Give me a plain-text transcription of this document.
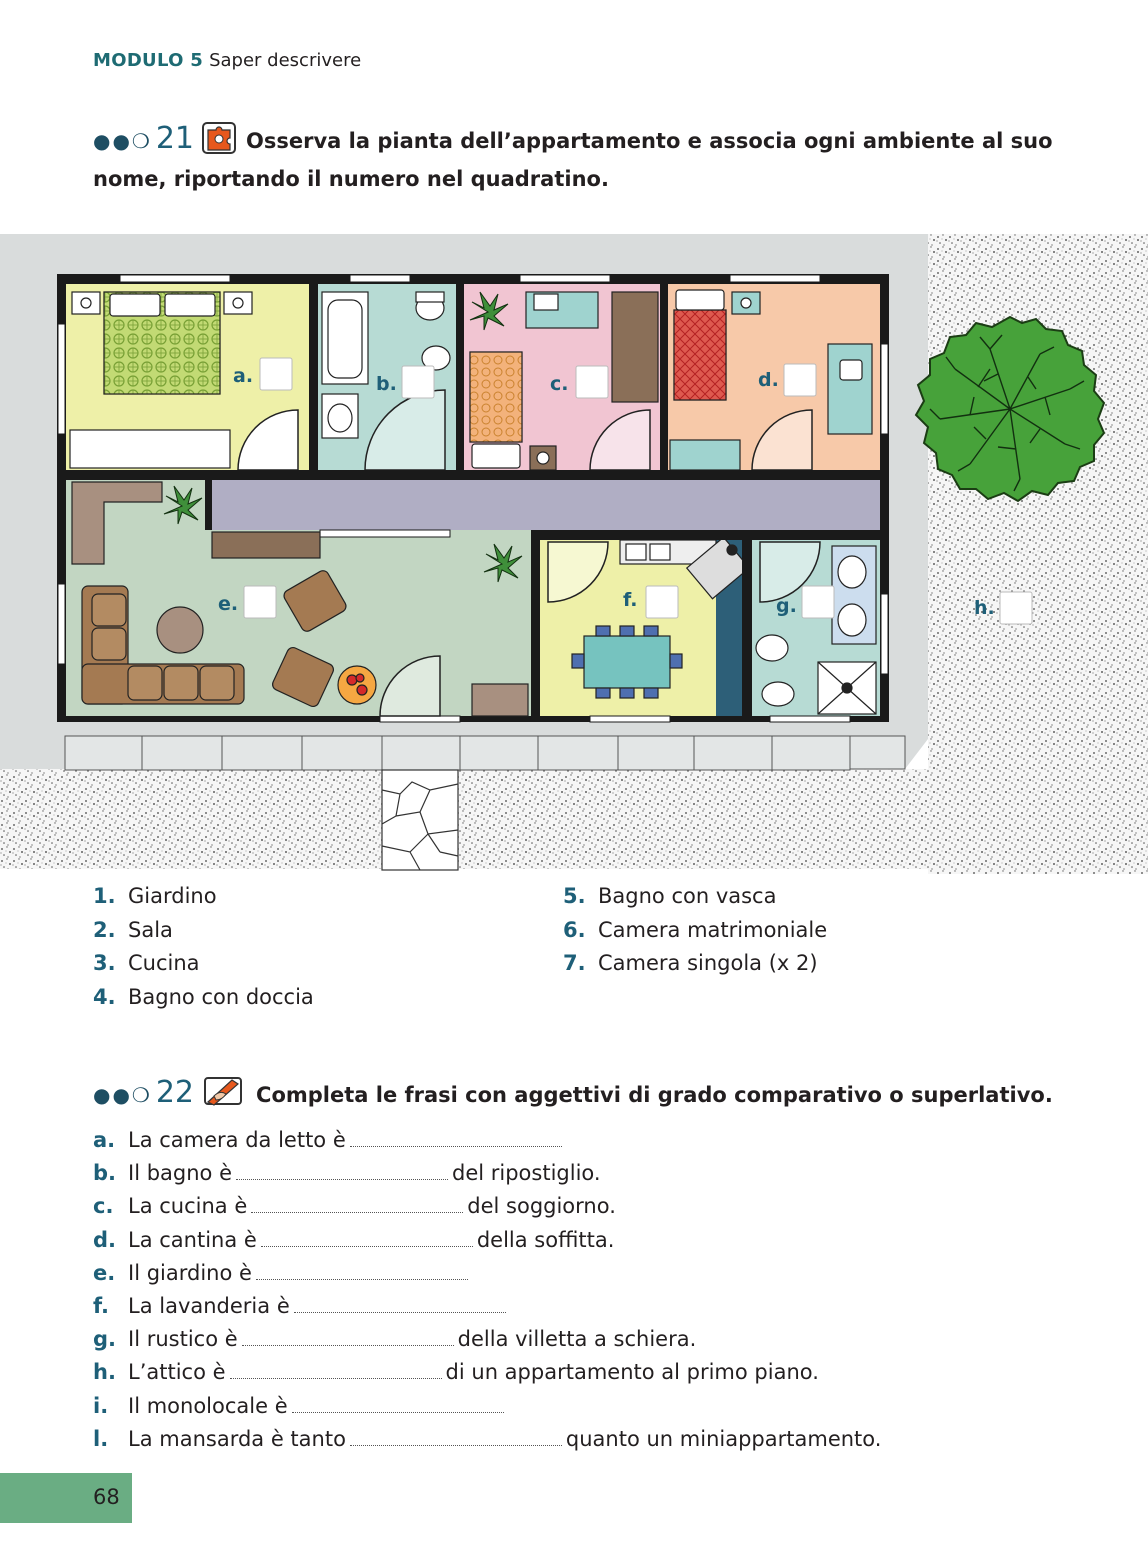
MODULO 5 Saper descrivere
●●❍ 21 Osserva la pianta dell’appartamento e associa ogni ambiente al suo
nome, riportando il numero nel quadratino.
a.	b.	c.	d.
e.	f.	g.	h.
1. Giardino
2. Sala
3. Cucina
4. Bagno con doccia
5. Bagno con vasca
6. Camera matrimoniale
7. Camera singola (x 2)
●●❍ 22	Completa le frasi con aggettivi di grado comparativo o superlativo.
a. La camera da letto è
b. Il bagno è	del ripostiglio.
c. La cucina è	del soggiorno.
d. La cantina è	della soffitta.
e. Il giardino è
f. La lavanderia è
g. Il rustico è	della villetta a schiera.
h. L’attico è	di un appartamento al primo piano.
i. Il monolocale è
l. La mansarda è tanto	quanto un miniappartamento.
68
